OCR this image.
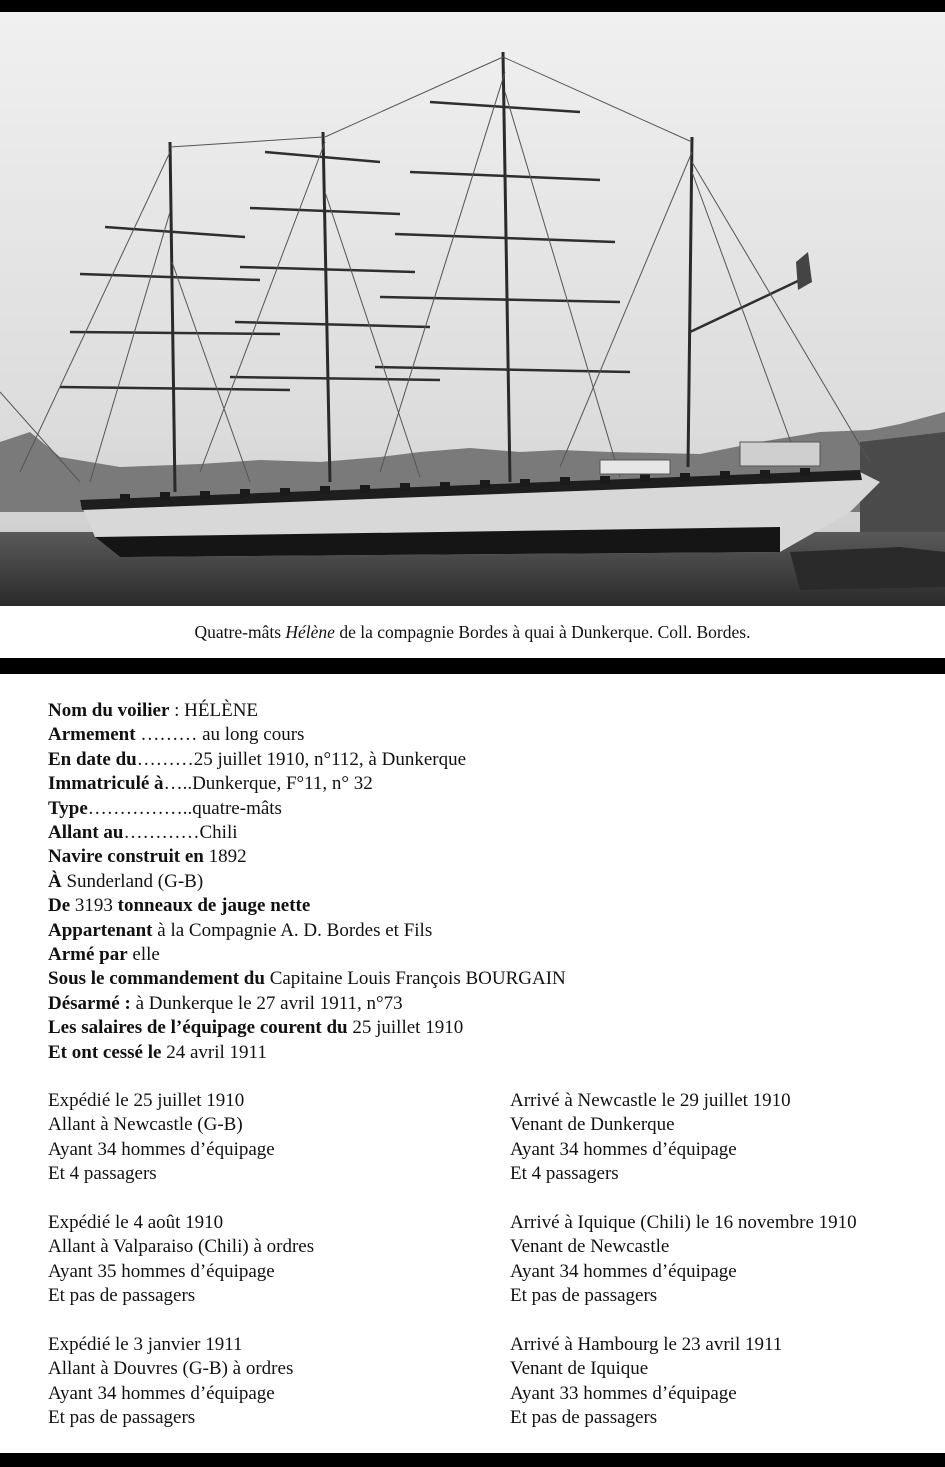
Quatre-mâts Hélène de la compagnie Bordes à quai à Dunkerque. Coll. Bordes.
Nom du voilier : HÉLÈNE
Armement ……… au long cours
En date du………25 juillet 1910, n°112, à Dunkerque
Immatriculé à…..Dunkerque, F°11, n° 32
Type……………..quatre-mâts
Allant au…………Chili
Navire construit en 1892
À Sunderland (G-B)
De 3193 tonneaux de jauge nette
Appartenant à la Compagnie A. D. Bordes et Fils
Armé par elle
Sous le commandement du Capitaine Louis François BOURGAIN
Désarmé : à Dunkerque le 27 avril 1911, n°73
Les salaires de l’équipage courent du 25 juillet 1910
Et ont cessé le 24 avril 1911
Expédié le 25 juillet 1910
Allant à Newcastle (G-B)
Ayant 34 hommes d’équipage
Et 4 passagers
Arrivé à Newcastle le 29 juillet 1910
Venant de Dunkerque
Ayant 34 hommes d’équipage
Et 4 passagers
Expédié le 4 août 1910
Allant à Valparaiso (Chili) à ordres
Ayant 35 hommes d’équipage
Et pas de passagers
Arrivé à Iquique (Chili) le 16 novembre 1910
Venant de Newcastle
Ayant 34 hommes d’équipage
Et pas de passagers
Expédié le 3 janvier 1911
Allant à Douvres (G-B) à ordres
Ayant 34 hommes d’équipage
Et pas de passagers
Arrivé à Hambourg le 23 avril 1911
Venant de Iquique
Ayant 33 hommes d’équipage
Et pas de passagers
